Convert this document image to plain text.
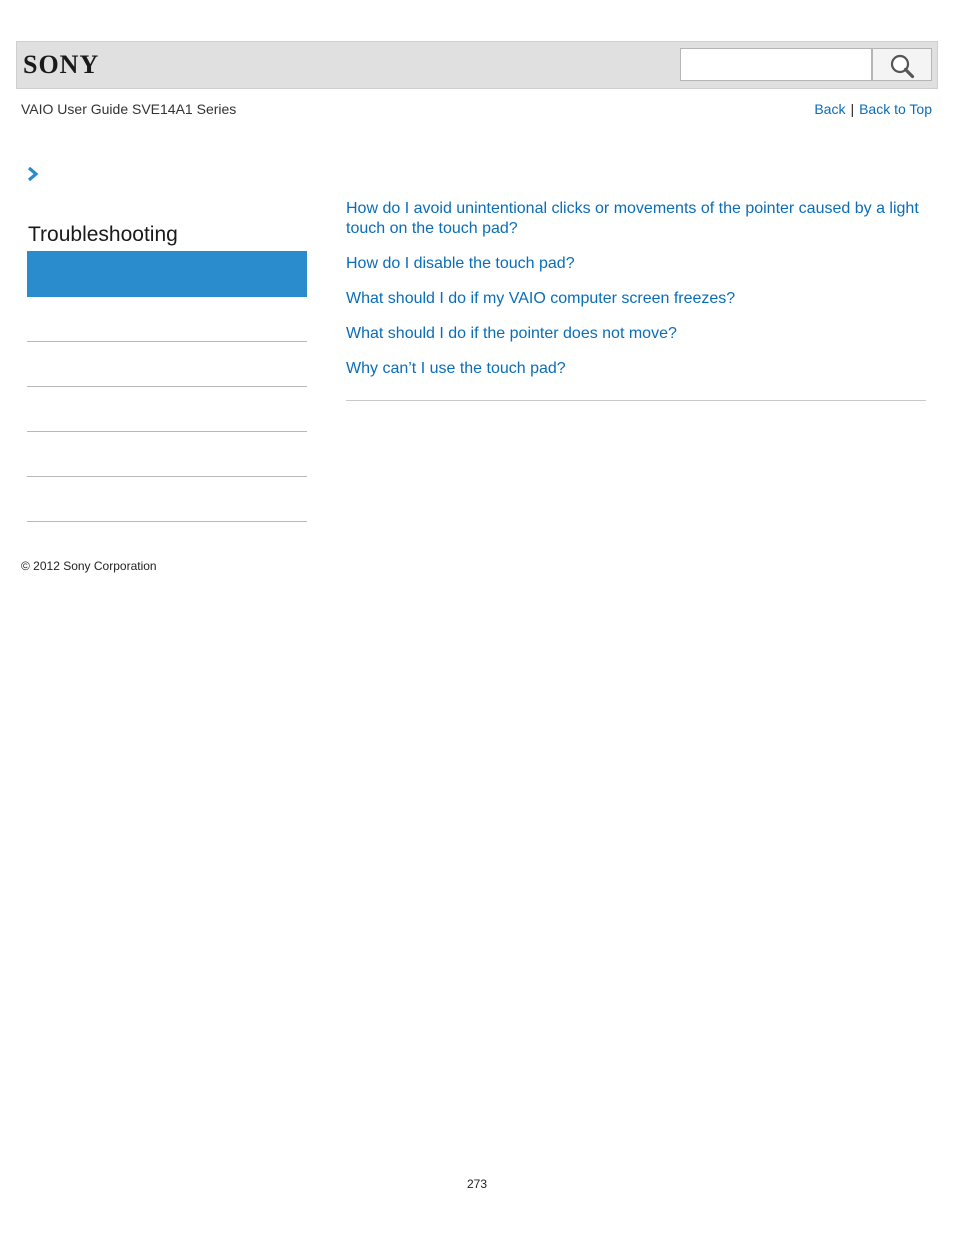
SONY
VAIO User Guide SVE14A1 Series	Back | Back to Top
Troubleshooting
How do I avoid unintentional clicks or movements of the pointer caused by a light touch on the touch pad?
How do I disable the touch pad?
What should I do if my VAIO computer screen freezes?
What should I do if the pointer does not move?
Why can’t I use the touch pad?
© 2012 Sony Corporation
273
